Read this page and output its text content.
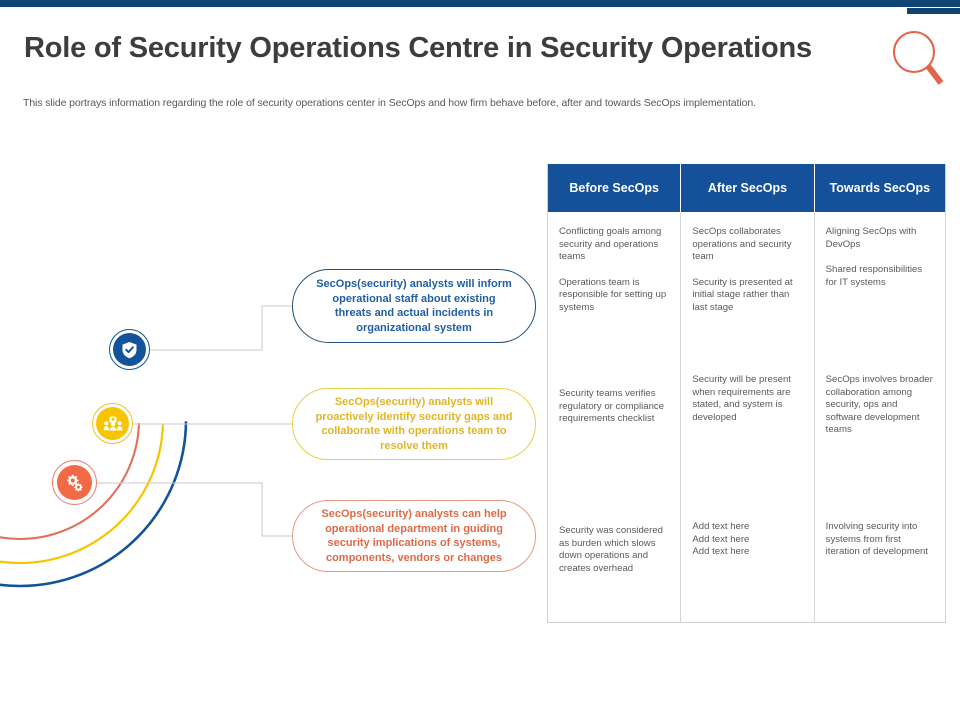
Role of Security Operations Centre in Security Operations
This slide portrays information regarding the role of security operations center in SecOps and how firm behave before, after and towards SecOps implementation.
SecOps(security) analysts will inform operational staff about existing threats and actual incidents in organizational system
SecOps(security) analysts will proactively identify security gaps and collaborate with operations team to resolve them
SecOps(security) analysts can help operational department in guiding security implications of systems, components, vendors or changes
Before SecOps	After SecOps	Towards SecOps

Conflicting goals among security and operations teams

Operations team is responsible for setting up systems

Security teams verifies regulatory or compliance requirements checklist

Security was considered as burden which slows down operations and creates overhead

SecOps collaborates operations and security team

Security is presented at initial stage rather than last stage

Security will be present when requirements are stated, and system is developed

Add text here

Add text here

Add text here

Aligning SecOps with DevOps

Shared responsibilities for IT systems

SecOps involves broader collaboration among security, ops and software development teams

Involving security into systems from first iteration of development
